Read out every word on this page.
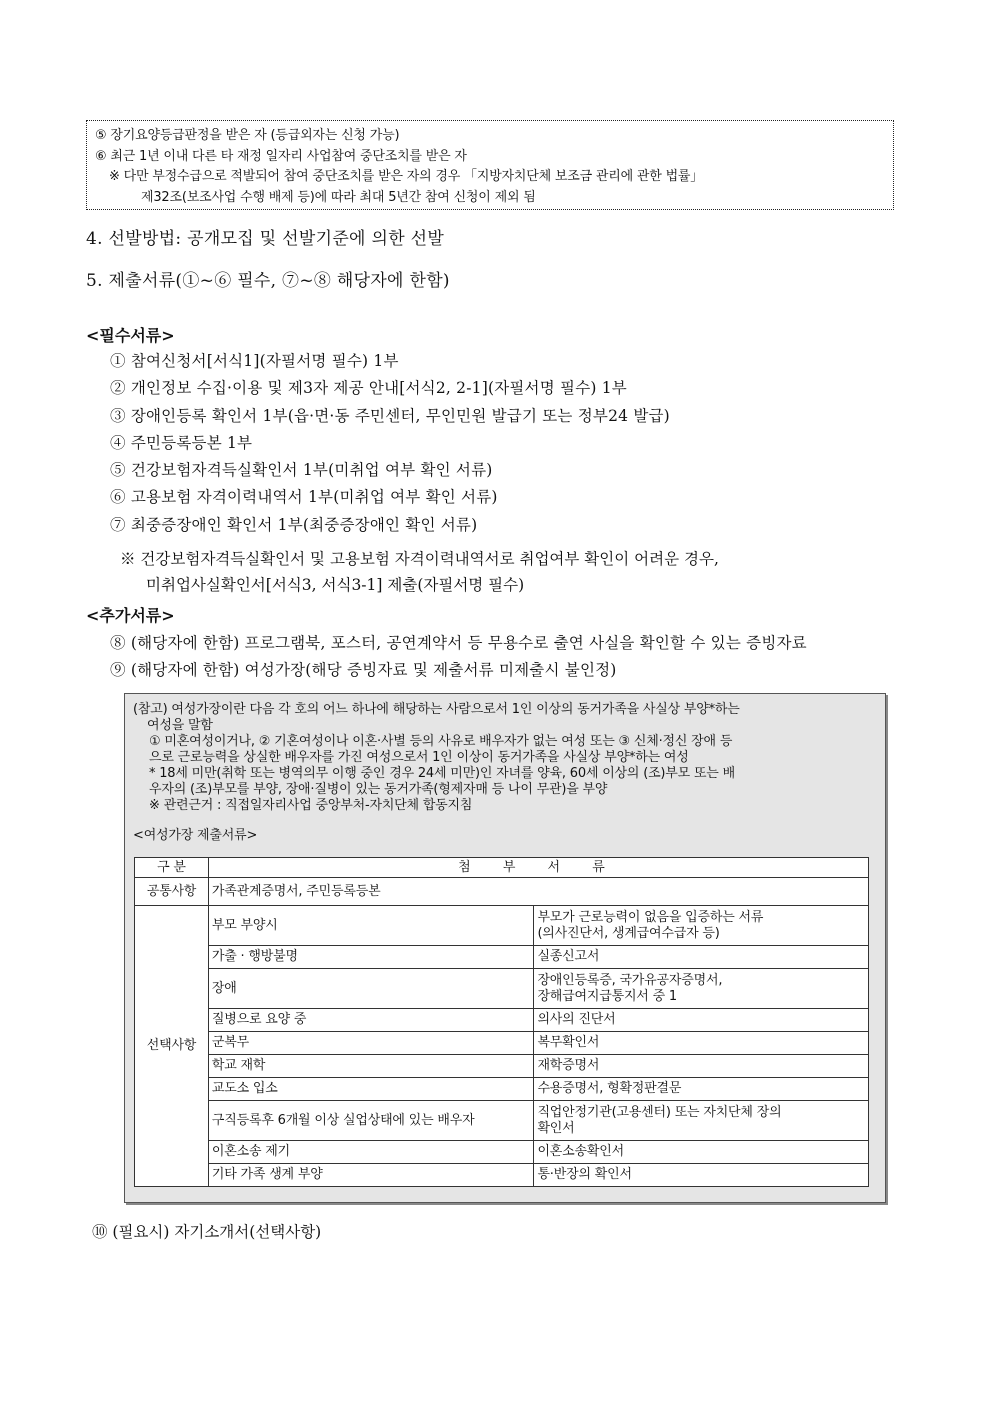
⑤ 장기요양등급판정을 받은 자 (등급외자는 신청 가능)
⑥ 최근 1년 이내 다른 타 재정 일자리 사업참여 중단조치를 받은 자
※ 다만 부정수급으로 적발되어 참여 중단조치를 받은 자의 경우 「지방자치단체 보조금 관리에 관한 법률」
제32조(보조사업 수행 배제 등)에 따라 최대 5년간 참여 신청이 제외 됨
4. 선발방법: 공개모집 및 선발기준에 의한 선발
5. 제출서류(①~⑥ 필수, ⑦~⑧ 해당자에 한함)
<필수서류>
① 참여신청서[서식1](자필서명 필수) 1부
② 개인정보 수집·이용 및 제3자 제공 안내[서식2, 2-1](자필서명 필수) 1부
③ 장애인등록 확인서 1부(읍·면·동 주민센터, 무인민원 발급기 또는 정부24 발급)
④ 주민등록등본 1부
⑤ 건강보험자격득실확인서 1부(미취업 여부 확인 서류)
⑥ 고용보험 자격이력내역서 1부(미취업 여부 확인 서류)
⑦ 최중증장애인 확인서 1부(최중증장애인 확인 서류)
※ 건강보험자격득실확인서 및 고용보험 자격이력내역서로 취업여부 확인이 어려운 경우,
미취업사실확인서[서식3, 서식3-1] 제출(자필서명 필수)
<추가서류>
⑧ (해당자에 한함) 프로그램북, 포스터, 공연계약서 등 무용수로 출연 사실을 확인할 수 있는 증빙자료
⑨ (해당자에 한함) 여성가장(해당 증빙자료 및 제출서류 미제출시 불인정)

(참고) 여성가장이란 다음 각 호의 어느 하나에 해당하는 사람으로서 1인 이상의 동거가족을 사실상 부양*하는

여성을 말함

① 미혼여성이거나, ② 기혼여성이나 이혼·사별 등의 사유로 배우자가 없는 여성 또는 ③ 신체·정신 장애 등

으로 근로능력을 상실한 배우자를 가진 여성으로서 1인 이상이 동거가족을 사실상 부양*하는 여성

* 18세 미만(취학 또는 병역의무 이행 중인 경우 24세 미만)인 자녀를 양육, 60세 이상의 (조)부모 또는 배

우자의 (조)부모를 부양, 장애·질병이 있는 동거가족(형제자매 등 나이 무관)을 부양

※ 관련근거 : 직접일자리사업 중앙부처-자치단체 합동지침

<여성가장 제출서류>

구 분	첨 부 서 류	
공통사항	가족관계증명서, 주민등록등본	
선택사항	부모 부양시	부모가 근로능력이 없음을 입증하는 서류
(의사진단서, 생계급여수급자 등)

	가출 · 행방불명	실종신고서
	장애	장애인등록증, 국가유공자증명서,
장해급여지급통지서 중 1

	질병으로 요양 중	의사의 진단서
	군복무	복무확인서
	학교 재학	재학증명서
	교도소 입소	수용증명서, 형확정판결문
	구직등록후 6개월 이상 실업상태에 있는 배우자	직업안정기관(고용센터) 또는 자치단체 장의
확인서

	이혼소송 제기	이혼소송확인서
	기타 가족 생계 부양	통·반장의 확인서
⑩ (필요시) 자기소개서(선택사항)
